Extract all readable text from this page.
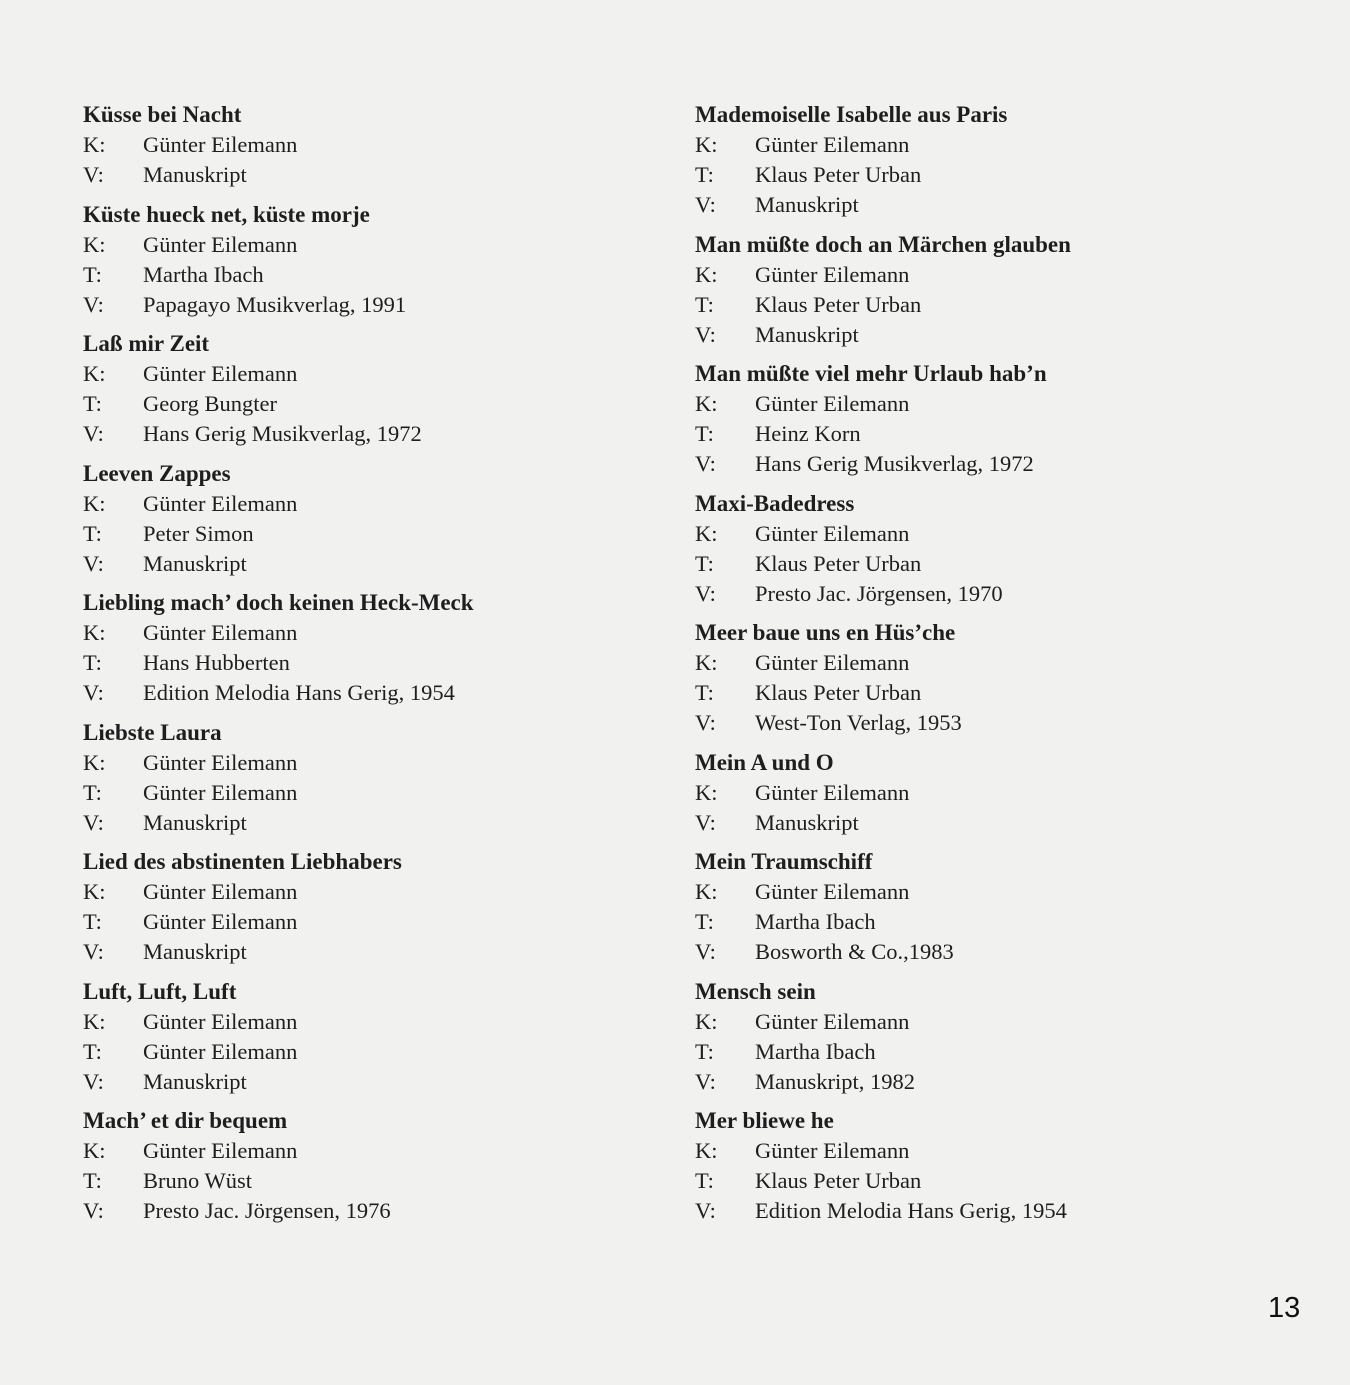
Küsse bei Nacht
K:	Günter Eilemann
V:	Manuskript
Küste hueck net, küste morje
K:	Günter Eilemann
T:	Martha Ibach
V:	Papagayo Musikverlag, 1991
Laß mir Zeit
K:	Günter Eilemann
T:	Georg Bungter
V:	Hans Gerig Musikverlag, 1972
Leeven Zappes
K:	Günter Eilemann
T:	Peter Simon
V:	Manuskript
Liebling mach’ doch keinen Heck-Meck
K:	Günter Eilemann
T:	Hans Hubberten
V:	Edition Melodia Hans Gerig, 1954
Liebste Laura
K:	Günter Eilemann
T:	Günter Eilemann
V:	Manuskript
Lied des abstinenten Liebhabers
K:	Günter Eilemann
T:	Günter Eilemann
V:	Manuskript
Luft, Luft, Luft
K:	Günter Eilemann
T:	Günter Eilemann
V:	Manuskript
Mach’ et dir bequem
K:	Günter Eilemann
T:	Bruno Wüst
V:	Presto Jac. Jörgensen, 1976
Mademoiselle Isabelle aus Paris
K:	Günter Eilemann
T:	Klaus Peter Urban
V:	Manuskript
Man müßte doch an Märchen glauben
K:	Günter Eilemann
T:	Klaus Peter Urban
V:	Manuskript
Man müßte viel mehr Urlaub hab’n
K:	Günter Eilemann
T:	Heinz Korn
V:	Hans Gerig Musikverlag, 1972
Maxi-Badedress
K:	Günter Eilemann
T:	Klaus Peter Urban
V:	Presto Jac. Jörgensen, 1970
Meer baue uns en Hüs’che
K:	Günter Eilemann
T:	Klaus Peter Urban
V:	West-Ton Verlag, 1953
Mein A und O
K:	Günter Eilemann
V:	Manuskript
Mein Traumschiff
K:	Günter Eilemann
T:	Martha Ibach
V:	Bosworth & Co.,1983
Mensch sein
K:	Günter Eilemann
T:	Martha Ibach
V:	Manuskript, 1982
Mer bliewe he
K:	Günter Eilemann
T:	Klaus Peter Urban
V:	Edition Melodia Hans Gerig, 1954
13
